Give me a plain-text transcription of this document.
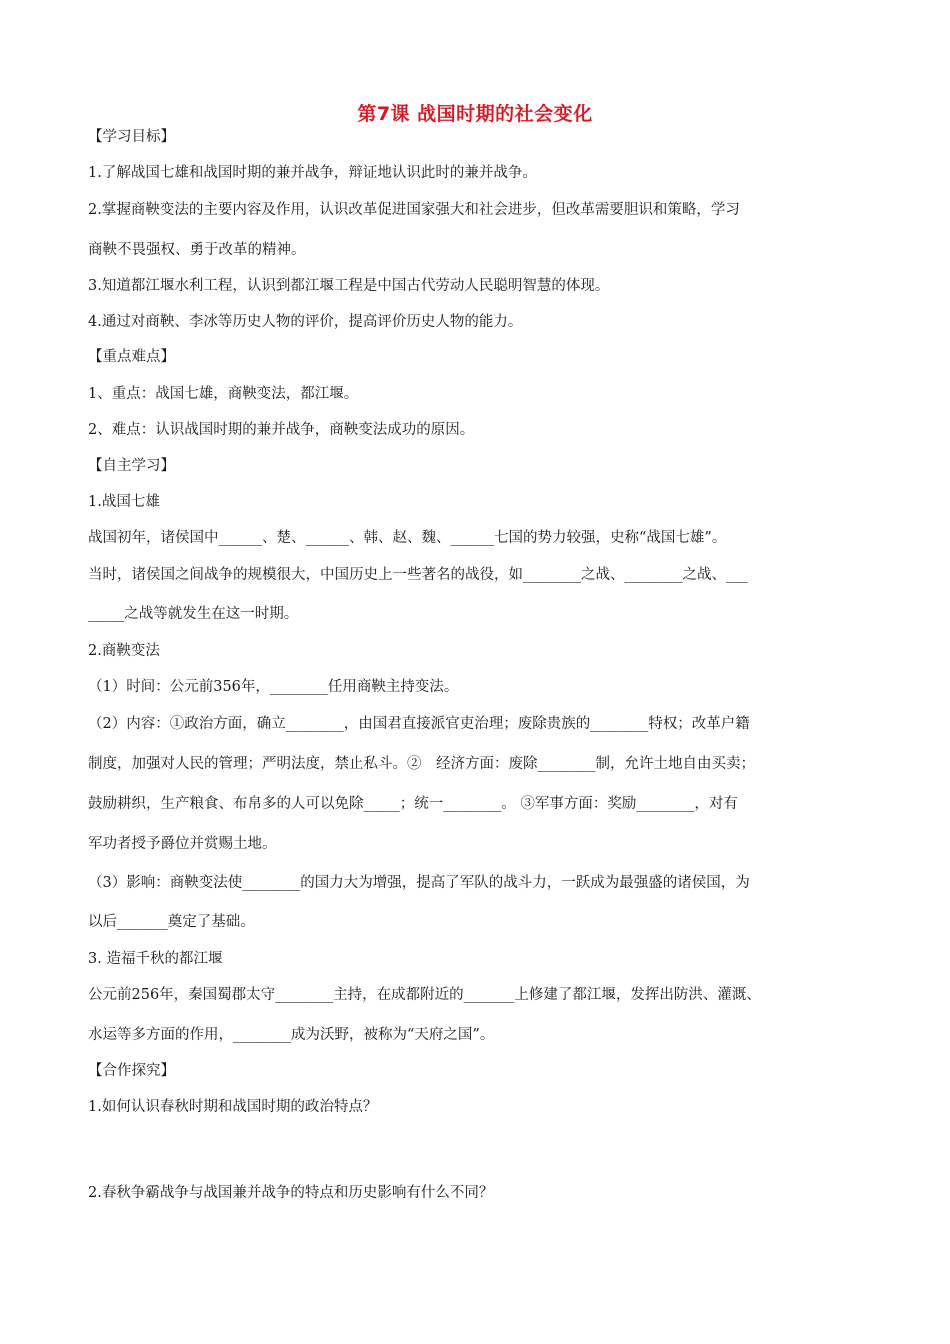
第7课 战国时期的社会变化
【学习目标】
1.了解战国七雄和战国时期的兼并战争，辩证地认识此时的兼并战争。
2.掌握商鞅变法的主要内容及作用，认识改革促进国家强大和社会进步，但改革需要胆识和策略，学习
商鞅不畏强权、勇于改革的精神。
3.知道都江堰水利工程，认识到都江堰工程是中国古代劳动人民聪明智慧的体现。
4.通过对商鞅、李冰等历史人物的评价，提高评价历史人物的能力。
【重点难点】
1、重点：战国七雄，商鞅变法，都江堰。
2、难点：认识战国时期的兼并战争，商鞅变法成功的原因。
【自主学习】
1.战国七雄
战国初年，诸侯国中______、楚、______、韩、赵、魏、______七国的势力较强，史称“战国七雄”。
当时，诸侯国之间战争的规模很大，中国历史上一些著名的战役，如________之战、________之战、___
_____之战等就发生在这一时期。
2.商鞅变法
（1）时间：公元前356年，________任用商鞅主持变法。
（2）内容：①政治方面，确立________，由国君直接派官吏治理；废除贵族的________特权；改革户籍
制度，加强对人民的管理；严明法度，禁止私斗。②　经济方面：废除________制，允许土地自由买卖；
鼓励耕织，生产粮食、布帛多的人可以免除_____；统一________。 ③军事方面：奖励________，对有
军功者授予爵位并赏赐土地。
（3）影响：商鞅变法使________的国力大为增强，提高了军队的战斗力，一跃成为最强盛的诸侯国，为
以后_______奠定了基础。
3. 造福千秋的都江堰
公元前256年，秦国蜀郡太守________主持，在成都附近的_______上修建了都江堰，发挥出防洪、灌溉、
水运等多方面的作用，________成为沃野，被称为“天府之国”。
【合作探究】
1.如何认识春秋时期和战国时期的政治特点？
2.春秋争霸战争与战国兼并战争的特点和历史影响有什么不同？
